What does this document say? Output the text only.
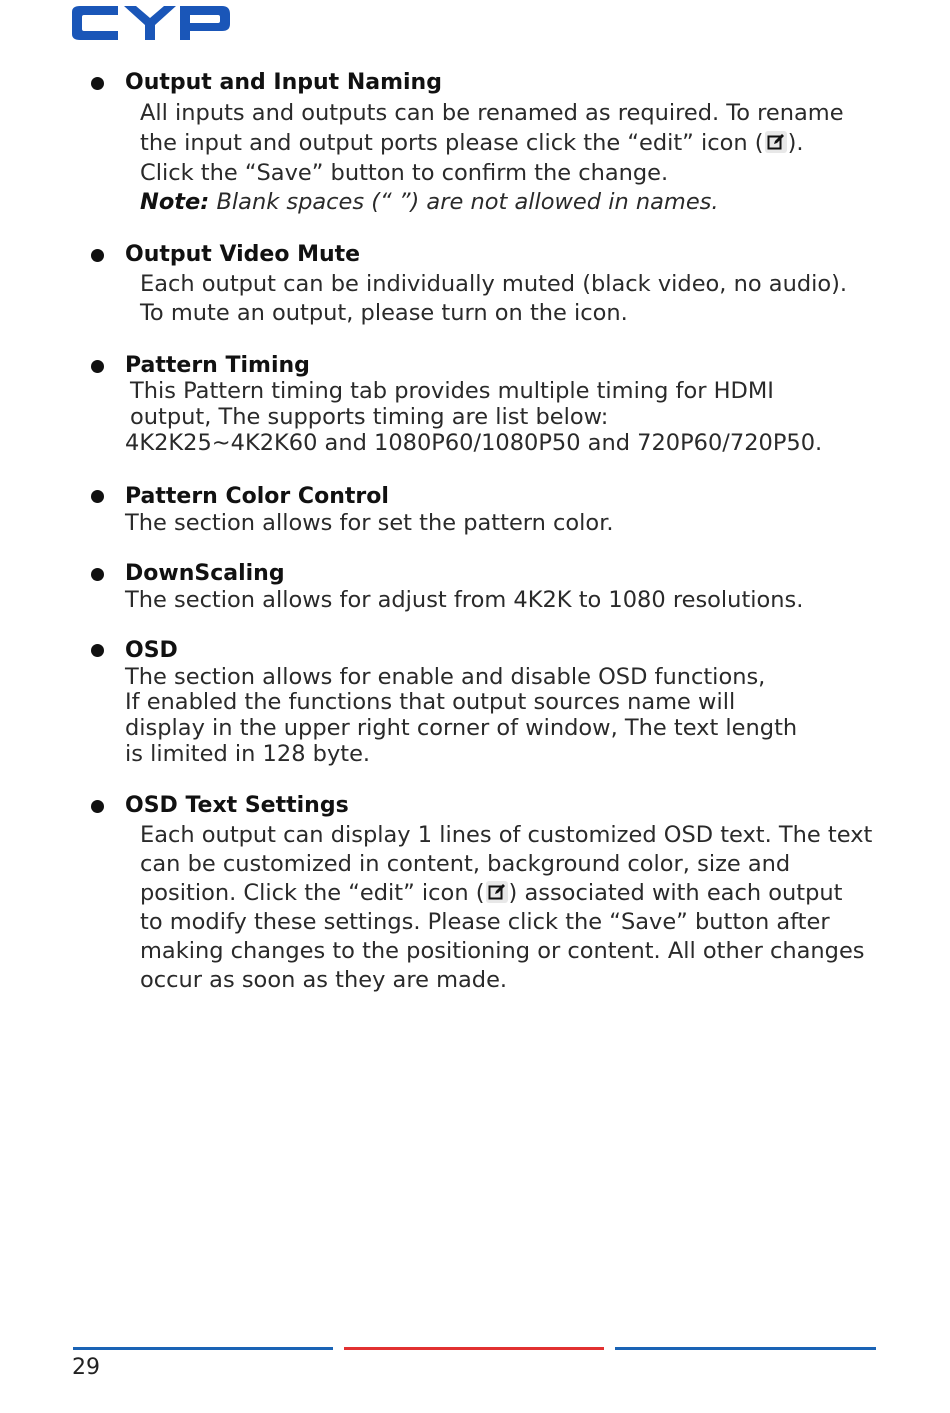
Output and Input Naming
All inputs and outputs can be renamed as required. To rename
the input and output ports please click the “edit” icon ( ).
Click the “Save” button to confirm the change.
Note: Blank spaces (“ ”) are not allowed in names.
Output Video Mute
Each output can be individually muted (black video, no audio).
To mute an output, please turn on the icon.
Pattern Timing
This Pattern timing tab provides multiple timing for HDMI
output, The supports timing are list below:
4K2K25~4K2K60 and 1080P60/1080P50 and 720P60/720P50.
Pattern Color Control
The section allows for set the pattern color.
DownScaling
The section allows for adjust from 4K2K to 1080 resolutions.
OSD
The section allows for enable and disable OSD functions,
If enabled the functions that output sources name will
display in the upper right corner of window, The text length
is limited in 128 byte.
OSD Text Settings
Each output can display 1 lines of customized OSD text. The text
can be customized in content, background color, size and
position. Click the “edit” icon ( ) associated with each output
to modify these settings. Please click the “Save” button after
making changes to the positioning or content. All other changes
occur as soon as they are made.
29
